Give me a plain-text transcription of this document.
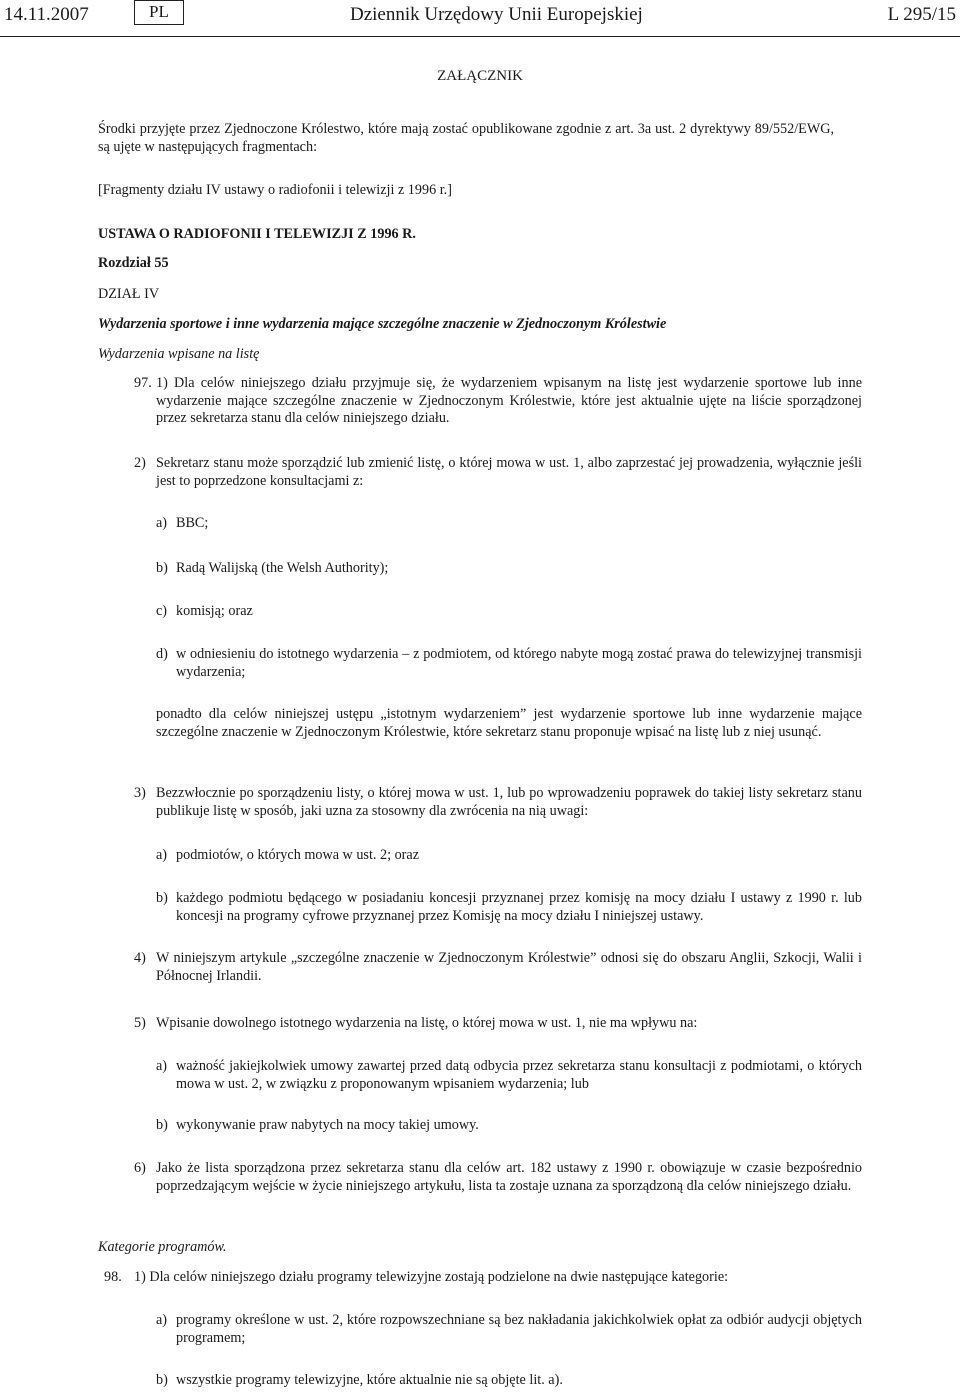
14.11.2007	PL	Dziennik Urzędowy Unii Europejskiej	L 295/15
ZAŁĄCZNIK
Środki przyjęte przez Zjednoczone Królestwo, które mają zostać opublikowane zgodnie z art. 3a ust. 2 dyrektywy 89/552/EWG, są ujęte w następujących fragmentach:
[Fragmenty działu IV ustawy o radiofonii i telewizji z 1996 r.]
USTAWA O RADIOFONII I TELEWIZJI Z 1996 R.
Rozdział 55
DZIAŁ IV
Wydarzenia sportowe i inne wydarzenia mające szczególne znaczenie w Zjednoczonym Królestwie
Wydarzenia wpisane na listę
97. 1) Dla celów niniejszego działu przyjmuje się, że wydarzeniem wpisanym na listę jest wydarzenie sportowe lub inne wydarzenie mające szczególne znaczenie w Zjednoczonym Królestwie, które jest aktualnie ujęte na liście sporządzonej przez sekretarza stanu dla celów niniejszego działu.
2) Sekretarz stanu może sporządzić lub zmienić listę, o której mowa w ust. 1, albo zaprzestać jej prowadzenia, wyłącznie jeśli jest to poprzedzone konsultacjami z:
a) BBC;
b) Radą Walijską (the Welsh Authority);
c) komisją; oraz
d) w odniesieniu do istotnego wydarzenia – z podmiotem, od którego nabyte mogą zostać prawa do telewizyjnej transmisji wydarzenia;
ponadto dla celów niniejszej ustępu „istotnym wydarzeniem” jest wydarzenie sportowe lub inne wydarzenie mające szczególne znaczenie w Zjednoczonym Królestwie, które sekretarz stanu proponuje wpisać na listę lub z niej usunąć.
3) Bezzwłocznie po sporządzeniu listy, o której mowa w ust. 1, lub po wprowadzeniu poprawek do takiej listy sekretarz stanu publikuje listę w sposób, jaki uzna za stosowny dla zwrócenia na nią uwagi:
a) podmiotów, o których mowa w ust. 2; oraz
b) każdego podmiotu będącego w posiadaniu koncesji przyznanej przez komisję na mocy działu I ustawy z 1990 r. lub koncesji na programy cyfrowe przyznanej przez Komisję na mocy działu I niniejszej ustawy.
4) W niniejszym artykule „szczególne znaczenie w Zjednoczonym Królestwie” odnosi się do obszaru Anglii, Szkocji, Walii i Północnej Irlandii.
5) Wpisanie dowolnego istotnego wydarzenia na listę, o której mowa w ust. 1, nie ma wpływu na:
a) ważność jakiejkolwiek umowy zawartej przed datą odbycia przez sekretarza stanu konsultacji z podmiotami, o których mowa w ust. 2, w związku z proponowanym wpisaniem wydarzenia; lub
b) wykonywanie praw nabytych na mocy takiej umowy.
6) Jako że lista sporządzona przez sekretarza stanu dla celów art. 182 ustawy z 1990 r. obowiązuje w czasie bezpośrednio poprzedzającym wejście w życie niniejszego artykułu, lista ta zostaje uznana za sporządzoną dla celów niniejszego działu.
Kategorie programów.
98. 1) Dla celów niniejszego działu programy telewizyjne zostają podzielone na dwie następujące kategorie:
a) programy określone w ust. 2, które rozpowszechniane są bez nakładania jakichkolwiek opłat za odbiór audycji objętych programem;
b) wszystkie programy telewizyjne, które aktualnie nie są objęte lit. a).
